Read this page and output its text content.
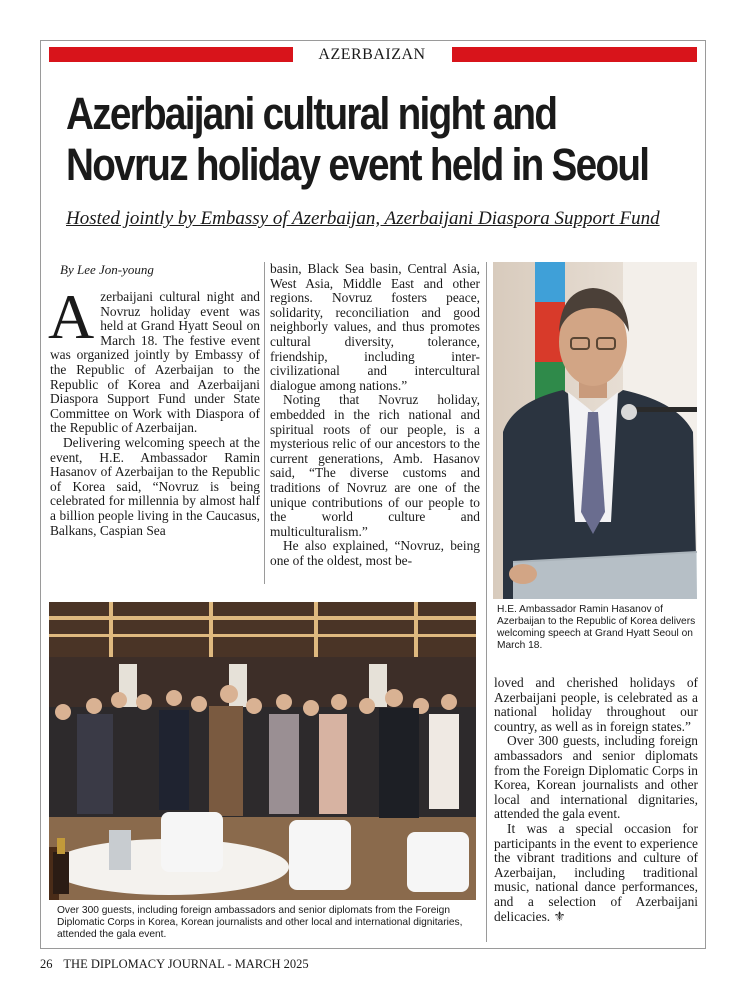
AZERBAIZAN
Azerbaijani cultural night and
Novruz holiday event held in Seoul
Hosted jointly by Embassy of Azerbaijan, Azerbaijani Diaspora Support Fund
By Lee Jon-young

Azerbaijani cultural night and Novruz holiday event was held at Grand Hyatt Seoul on March 18. The festive event was organized jointly by Embassy of the Republic of Azerbaijan to the Republic of Korea and Azerbaijani Diaspora Support Fund under State Committee on Work with Diaspora of the Republic of Azerbaijan.

Delivering welcoming speech at the event, H.E. Ambassador Ramin Hasanov of Azerbaijan to the Republic of Korea said, “Novruz is being celebrated for millennia by almost half a billion people living in the Caucasus, Balkans, Caspian Sea

basin, Black Sea basin, Central Asia, West Asia, Middle East and other regions. Novruz fosters peace, solidarity, reconciliation and good neighborly values, and thus promotes cultural diversity, tolerance, friendship, including inter-civilizational and intercultural dialogue among nations.”

Noting that Novruz holiday, embedded in the rich national and spiritual roots of our people, is a mysterious relic of our ancestors to the current generations, Amb. Hasanov said, “The diverse customs and traditions of Novruz are one of the unique contributions of our people to the world culture and multiculturalism.”

He also explained, “Novruz, being one of the oldest, most be-

H.E. Ambassador Ramin Hasanov of Azerbaijan to the Republic of Korea delivers welcoming speech at Grand Hyatt Seoul on March 18.
Over 300 guests, including foreign ambassadors and senior diplomats from the Foreign Diplomatic Corps in Korea, Korean journalists and other local and international dignitaries, attended the gala event.

loved and cherished holidays of Azerbaijani people, is celebrated as a national holiday throughout our country, as well as in foreign states.”

Over 300 guests, including foreign ambassadors and senior diplomats from the Foreign Diplomatic Corps in Korea, Korean journalists and other local and international dignitaries, attended the gala event.

It was a special occasion for participants in the event to experience the vibrant traditions and culture of Azerbaijan, including traditional music, national dance performances, and a selection of Azerbaijani delicacies. ⚜

26 THE DIPLOMACY JOURNAL - MARCH 2025
